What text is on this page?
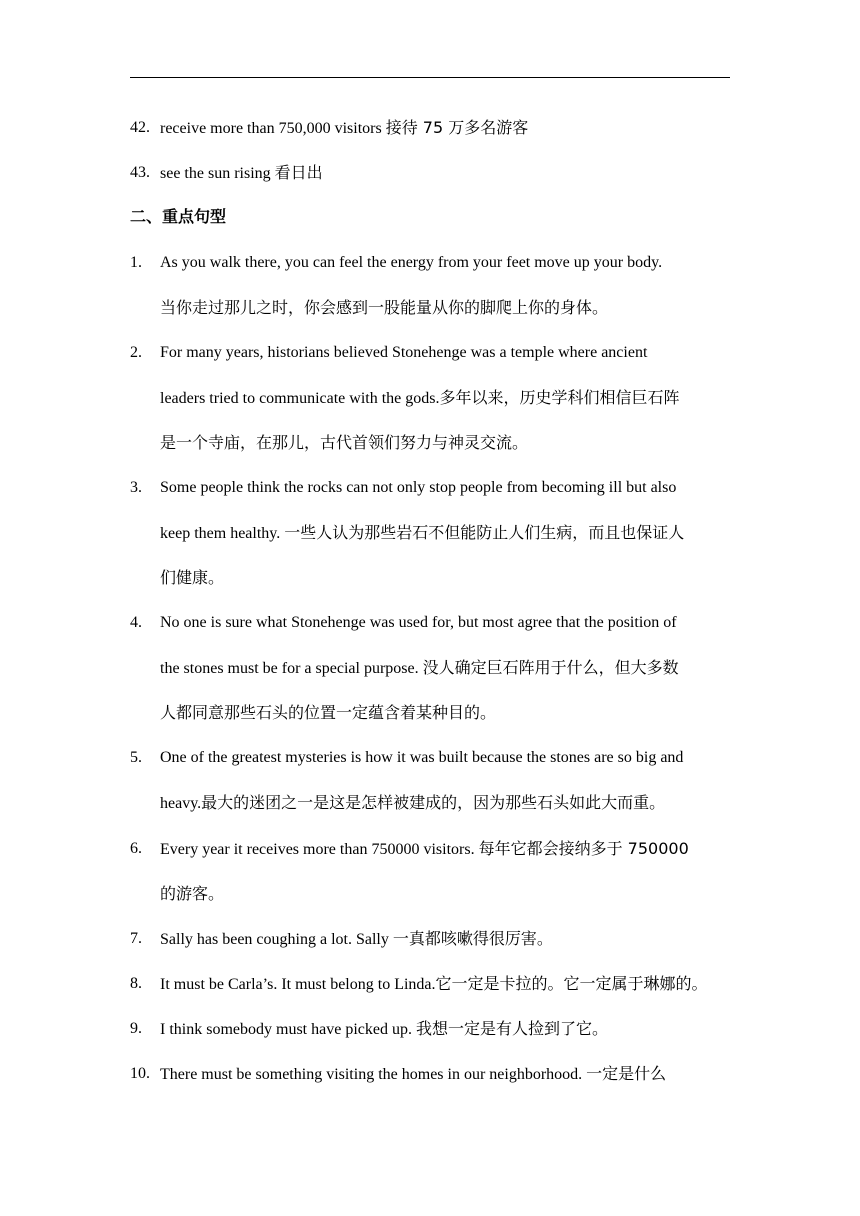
42. receive more than 750,000 visitors 接待 75 万多名游客
43. see the sun rising 看日出
二、重点句型
1. As you walk there, you can feel the energy from your feet move up your body.
当你走过那儿之时，你会感到一股能量从你的脚爬上你的身体。
2. For many years, historians believed Stonehenge was a temple where ancient
leaders tried to communicate with the gods.多年以来，历史学科们相信巨石阵
是一个寺庙，在那儿，古代首领们努力与神灵交流。
3. Some people think the rocks can not only stop people from becoming ill but also
keep them healthy. 一些人认为那些岩石不但能防止人们生病，而且也保证人
们健康。
4. No one is sure what Stonehenge was used for, but most agree that the position of
the stones must be for a special purpose. 没人确定巨石阵用于什么，但大多数
人都同意那些石头的位置一定蕴含着某种目的。
5. One of the greatest mysteries is how it was built because the stones are so big and
heavy.最大的迷团之一是这是怎样被建成的，因为那些石头如此大而重。
6. Every year it receives more than 750000 visitors. 每年它都会接纳多于 750000
的游客。
7. Sally has been coughing a lot. Sally 一真都咳嗽得很厉害。
8. It must be Carla’s. It must belong to Linda.它一定是卡拉的。它一定属于琳娜的。
9. I think somebody must have picked up. 我想一定是有人捡到了它。
10. There must be something visiting the homes in our neighborhood. 一定是什么
